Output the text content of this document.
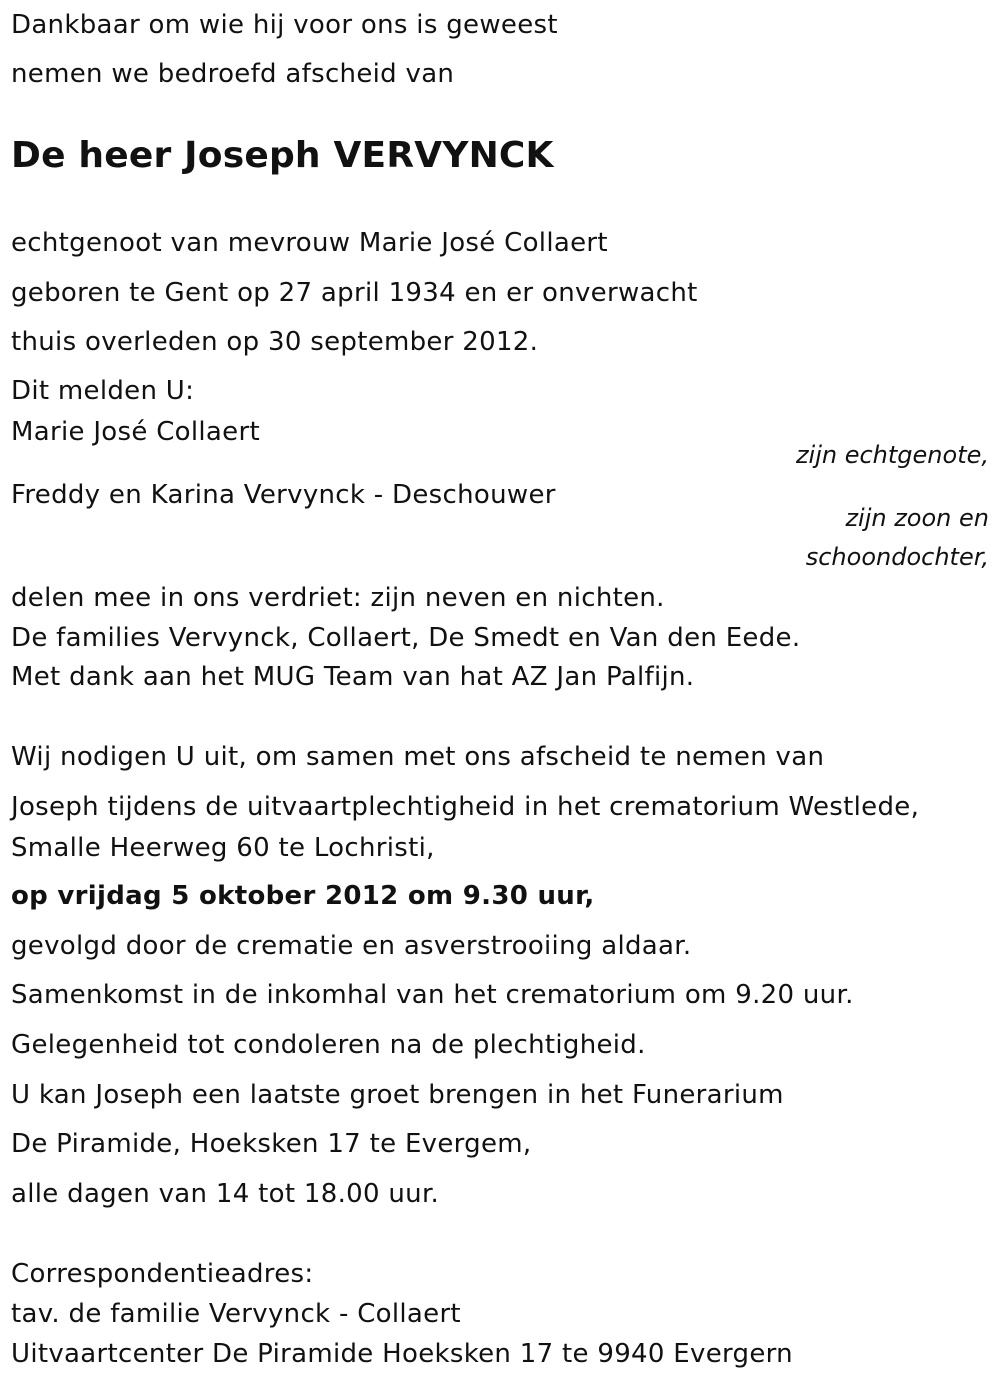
Dankbaar om wie hij voor ons is geweest
nemen we bedroefd afscheid van
De heer Joseph VERVYNCK
echtgenoot van mevrouw Marie José Collaert
geboren te Gent op 27 april 1934 en er onverwacht
thuis overleden op 30 september 2012.
Dit melden U:
Marie José Collaert
zijn echtgenote,
Freddy en Karina Vervynck - Deschouwer
zijn zoon en
schoondochter,
delen mee in ons verdriet: zijn neven en nichten.
De families Vervynck, Collaert, De Smedt en Van den Eede.
Met dank aan het MUG Team van hat AZ Jan Palfijn.
Wij nodigen U uit, om samen met ons afscheid te nemen van
Joseph tijdens de uitvaartplechtigheid in het crematorium Westlede,
Smalle Heerweg 60 te Lochristi,
op vrijdag 5 oktober 2012 om 9.30 uur,
gevolgd door de crematie en asverstrooiing aldaar.
Samenkomst in de inkomhal van het crematorium om 9.20 uur.
Gelegenheid tot condoleren na de plechtigheid.
U kan Joseph een laatste groet brengen in het Funerarium
De Piramide, Hoeksken 17 te Evergem,
alle dagen van 14 tot 18.00 uur.
Correspondentieadres:
tav. de familie Vervynck - Collaert
Uitvaartcenter De Piramide Hoeksken 17 te 9940 Evergern
